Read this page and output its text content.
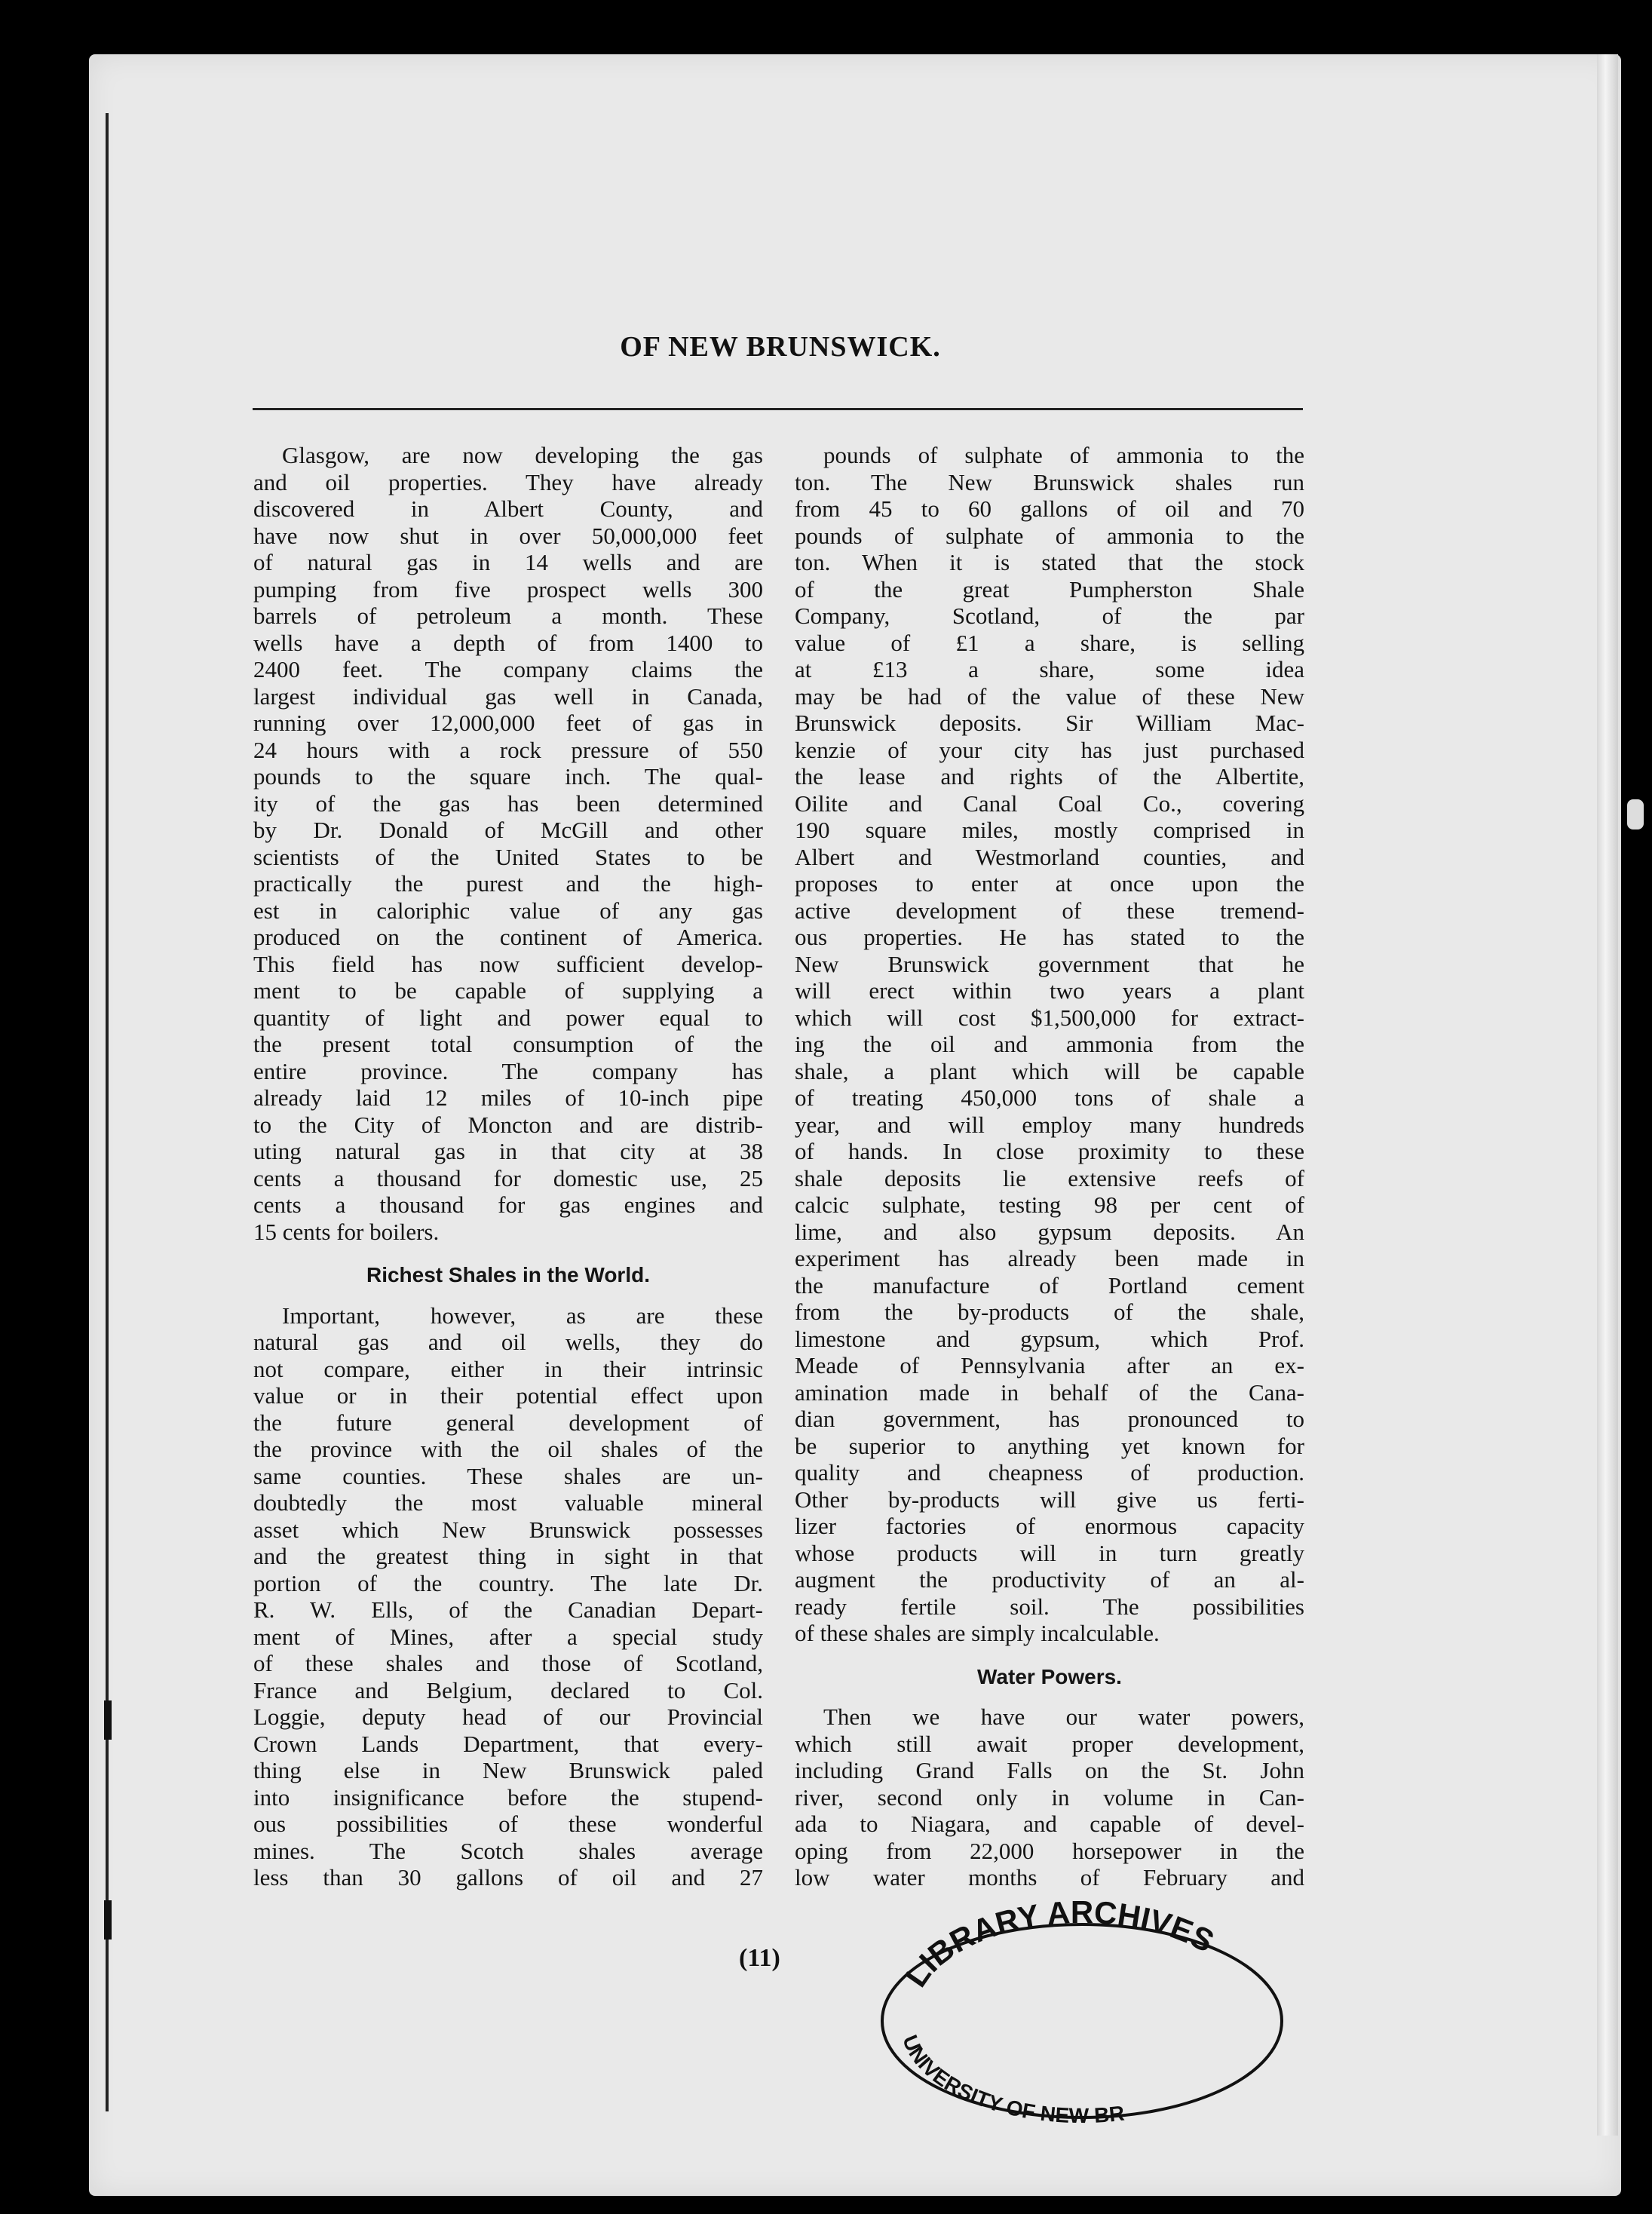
OF NEW BRUNSWICK.
Glasgow, are now developing the gas
and oil properties. They have already
discovered in Albert County, and
have now shut in over 50,000,000 feet
of natural gas in 14 wells and are
pumping from five prospect wells 300
barrels of petroleum a month. These
wells have a depth of from 1400 to
2400 feet. The company claims the
largest individual gas well in Canada,
running over 12,000,000 feet of gas in
24 hours with a rock pressure of 550
pounds to the square inch. The qual-
ity of the gas has been determined
by Dr. Donald of McGill and other
scientists of the United States to be
practically the purest and the high-
est in caloriphic value of any gas
produced on the continent of America.
This field has now sufficient develop-
ment to be capable of supplying a
quantity of light and power equal to
the present total consumption of the
entire province. The company has
already laid 12 miles of 10-inch pipe
to the City of Moncton and are distrib-
uting natural gas in that city at 38
cents a thousand for domestic use, 25
cents a thousand for gas engines and
15 cents for boilers.
Richest Shales in the World.
Important, however, as are these
natural gas and oil wells, they do
not compare, either in their intrinsic
value or in their potential effect upon
the future general development of
the province with the oil shales of the
same counties. These shales are un-
doubtedly the most valuable mineral
asset which New Brunswick possesses
and the greatest thing in sight in that
portion of the country. The late Dr.
R. W. Ells, of the Canadian Depart-
ment of Mines, after a special study
of these shales and those of Scotland,
France and Belgium, declared to Col.
Loggie, deputy head of our Provincial
Crown Lands Department, that every-
thing else in New Brunswick paled
into insignificance before the stupend-
ous possibilities of these wonderful
mines. The Scotch shales average
less than 30 gallons of oil and 27
pounds of sulphate of ammonia to the
ton. The New Brunswick shales run
from 45 to 60 gallons of oil and 70
pounds of sulphate of ammonia to the
ton. When it is stated that the stock
of the great Pumpherston Shale
Company, Scotland, of the par
value of £1 a share, is selling
at £13 a share, some idea
may be had of the value of these New
Brunswick deposits. Sir William Mac-
kenzie of your city has just purchased
the lease and rights of the Albertite,
Oilite and Canal Coal Co., covering
190 square miles, mostly comprised in
Albert and Westmorland counties, and
proposes to enter at once upon the
active development of these tremend-
ous properties. He has stated to the
New Brunswick government that he
will erect within two years a plant
which will cost $1,500,000 for extract-
ing the oil and ammonia from the
shale, a plant which will be capable
of treating 450,000 tons of shale a
year, and will employ many hundreds
of hands. In close proximity to these
shale deposits lie extensive reefs of
calcic sulphate, testing 98 per cent of
lime, and also gypsum deposits. An
experiment has already been made in
the manufacture of Portland cement
from the by-products of the shale,
limestone and gypsum, which Prof.
Meade of Pennsylvania after an ex-
amination made in behalf of the Cana-
dian government, has pronounced to
be superior to anything yet known for
quality and cheapness of production.
Other by-products will give us ferti-
lizer factories of enormous capacity
whose products will in turn greatly
augment the productivity of an al-
ready fertile soil. The possibilities
of these shales are simply incalculable.
Water Powers.
Then we have our water powers,
which still await proper development,
including Grand Falls on the St. John
river, second only in volume in Can-
ada to Niagara, and capable of devel-
oping from 22,000 horsepower in the
low water months of February and
(11)	LIBRARY ARCHIVES
UNIVERSITY OF NEW BR
